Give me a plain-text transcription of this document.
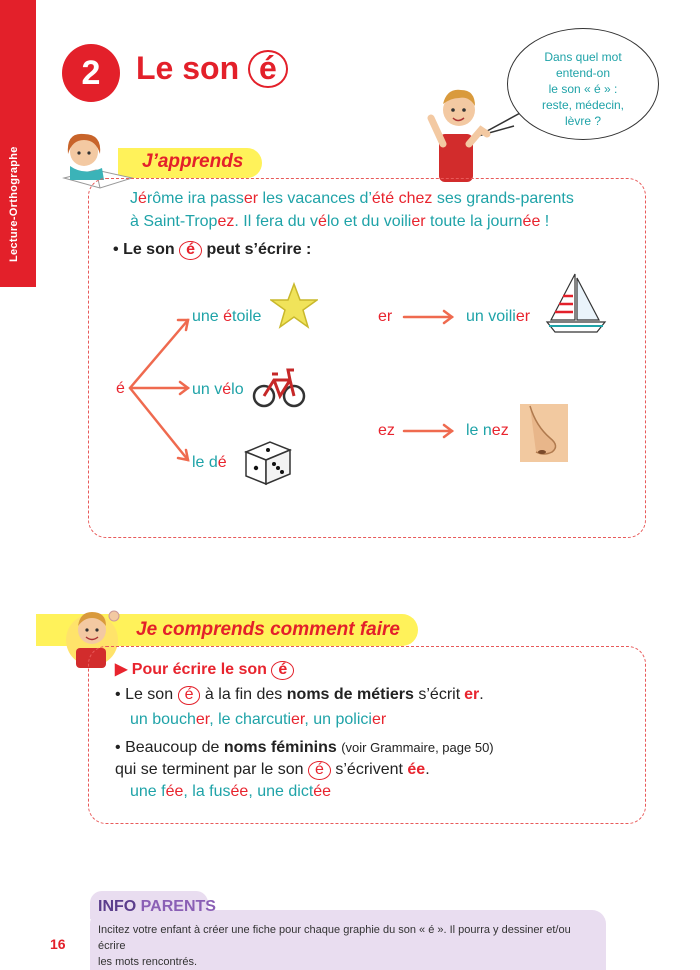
Lecture-Orthographe
2	Le son é	Dans quel mot
entend-on
le son « é » :
reste, médecin,
lèvre ?
J’apprends
Jérôme ira passer les vacances d’été chez ses grands-parents
à Saint-Tropez. Il fera du vélo et du voilier toute la journée !
• Le son é peut s’écrire :
é
une étoile
un vélo
le dé
er	un voilier
ez	le nez
Je comprends comment faire
▶ Pour écrire le son é
• Le son é à la fin des noms de métiers s’écrit er.
un boucher, le charcutier, un policier
• Beaucoup de noms féminins (voir Grammaire, page 50)
qui se terminent par le son é s’écrivent ée.
une fée, la fusée, une dictée
INFO PARENTS
Incitez votre enfant à créer une fiche pour chaque graphie du son « é ». Il pourra y dessiner et/ou écrire
les mots rencontrés.
16
